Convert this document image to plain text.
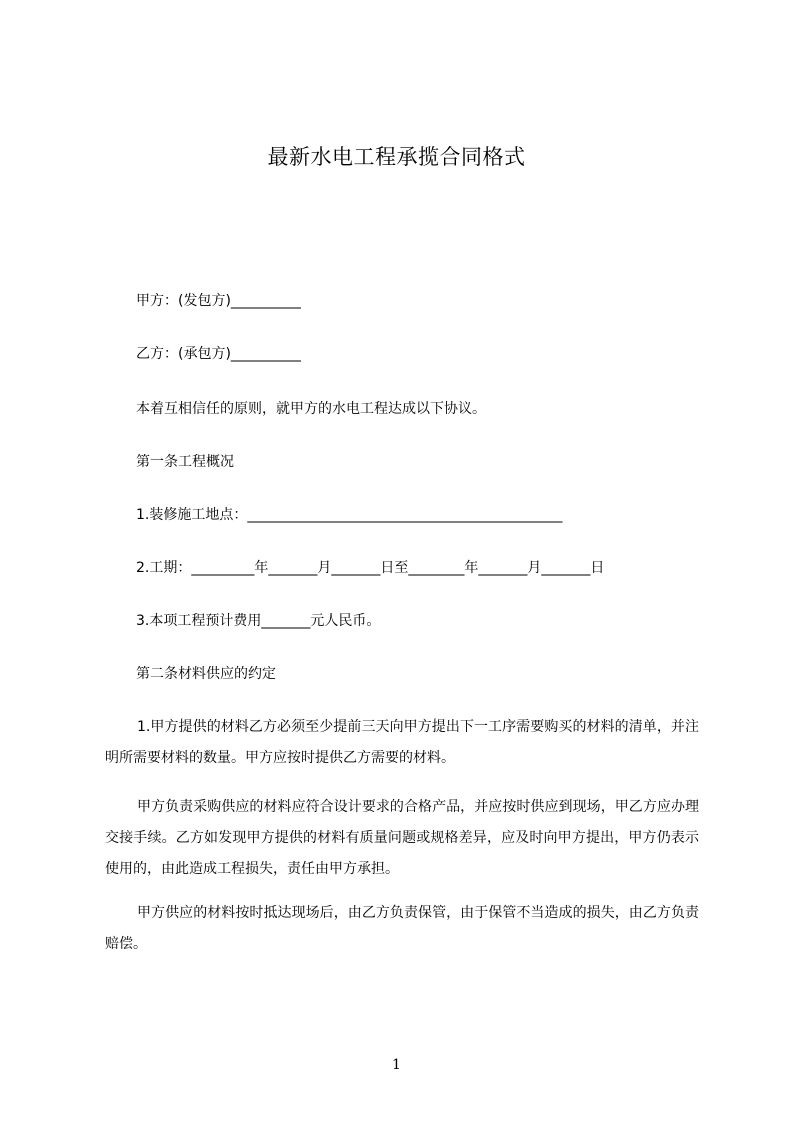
最新水电工程承揽合同格式
甲方：(发包方)__________
乙方：(承包方)__________
本着互相信任的原则，就甲方的水电工程达成以下协议。
第一条工程概况
1.装修施工地点：_____________________________________________
2.工期：_________年_______月_______日至________年_______月_______日
3.本项工程预计费用_______元人民币。
第二条材料供应的约定
1.甲方提供的材料乙方必须至少提前三天向甲方提出下一工序需要购买的材料的清单，并注明所需要材料的数量。甲方应按时提供乙方需要的材料。
甲方负责采购供应的材料应符合设计要求的合格产品，并应按时供应到现场，甲乙方应办理交接手续。乙方如发现甲方提供的材料有质量问题或规格差异，应及时向甲方提出，甲方仍表示使用的，由此造成工程损失，责任由甲方承担。
甲方供应的材料按时抵达现场后，由乙方负责保管，由于保管不当造成的损失，由乙方负责赔偿。
1
